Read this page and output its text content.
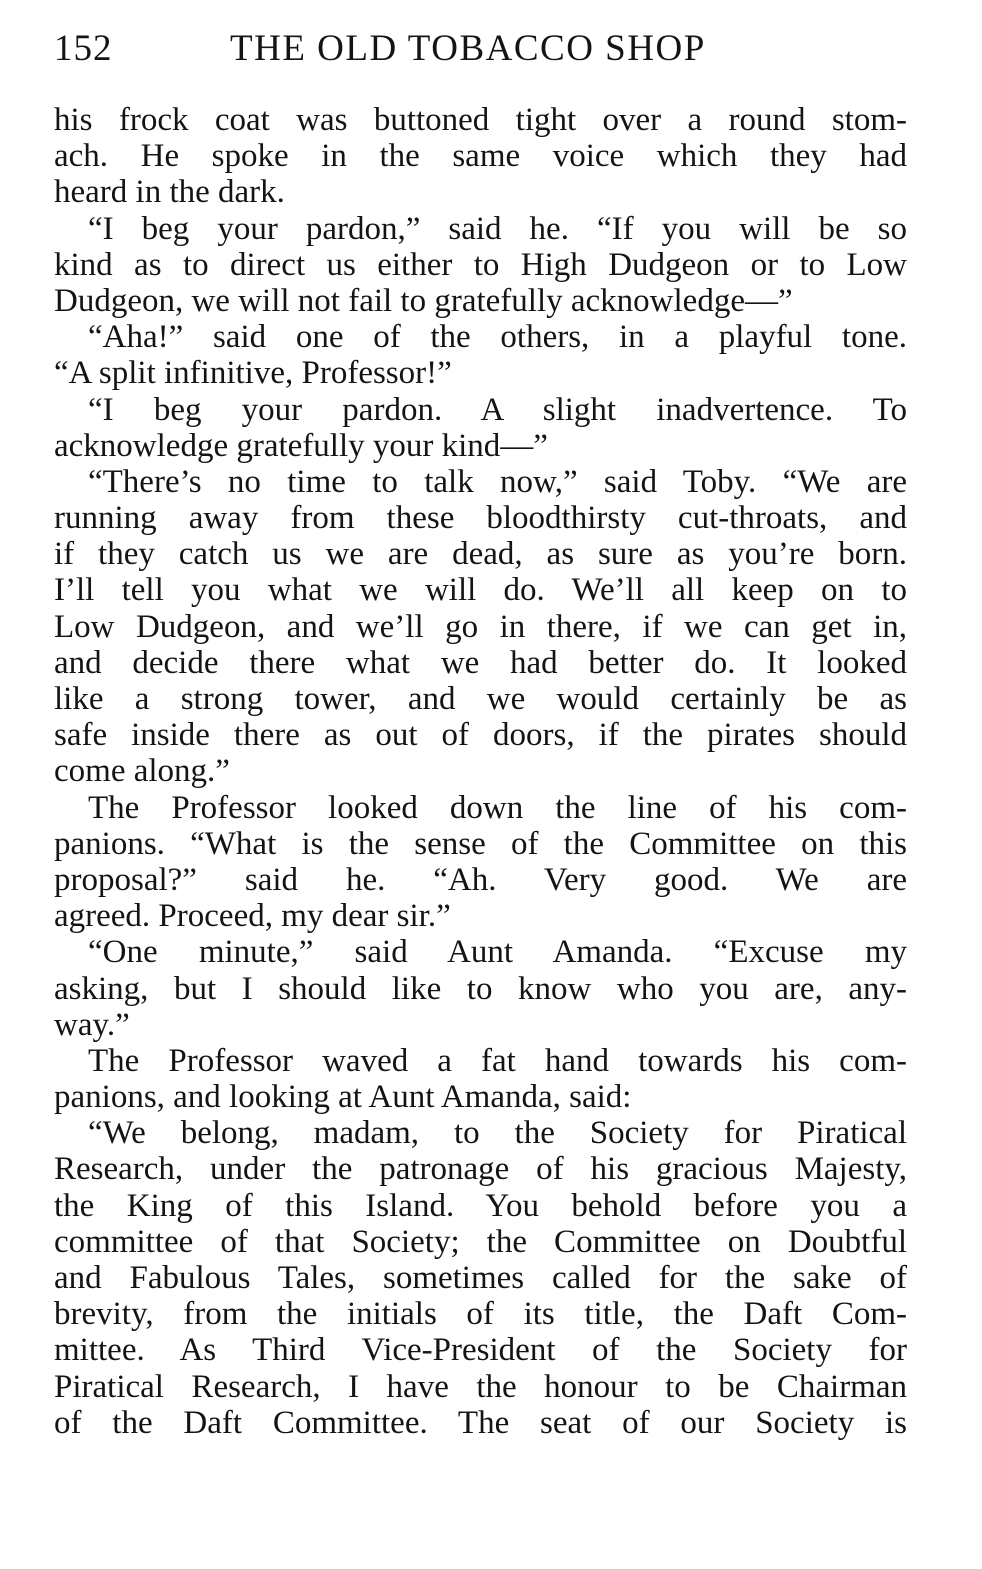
152	THE OLD TOBACCO SHOP
his frock coat was buttoned tight over a round stom-
ach. He spoke in the same voice which they had
heard in the dark.
“I beg your pardon,” said he. “If you will be so
kind as to direct us either to High Dudgeon or to Low
Dudgeon, we will not fail to gratefully acknowledge—”
“Aha!” said one of the others, in a playful tone.
“A split infinitive, Professor!”
“I beg your pardon. A slight inadvertence. To
acknowledge gratefully your kind—”
“There’s no time to talk now,” said Toby. “We are
running away from these bloodthirsty cut-throats, and
if they catch us we are dead, as sure as you’re born.
I’ll tell you what we will do. We’ll all keep on to
Low Dudgeon, and we’ll go in there, if we can get in,
and decide there what we had better do. It looked
like a strong tower, and we would certainly be as
safe inside there as out of doors, if the pirates should
come along.”
The Professor looked down the line of his com-
panions. “What is the sense of the Committee on this
proposal?” said he. “Ah. Very good. We are
agreed. Proceed, my dear sir.”
“One minute,” said Aunt Amanda. “Excuse my
asking, but I should like to know who you are, any-
way.”
The Professor waved a fat hand towards his com-
panions, and looking at Aunt Amanda, said:
“We belong, madam, to the Society for Piratical
Research, under the patronage of his gracious Majesty,
the King of this Island. You behold before you a
committee of that Society; the Committee on Doubtful
and Fabulous Tales, sometimes called for the sake of
brevity, from the initials of its title, the Daft Com-
mittee. As Third Vice-President of the Society for
Piratical Research, I have the honour to be Chairman
of the Daft Committee. The seat of our Society is
